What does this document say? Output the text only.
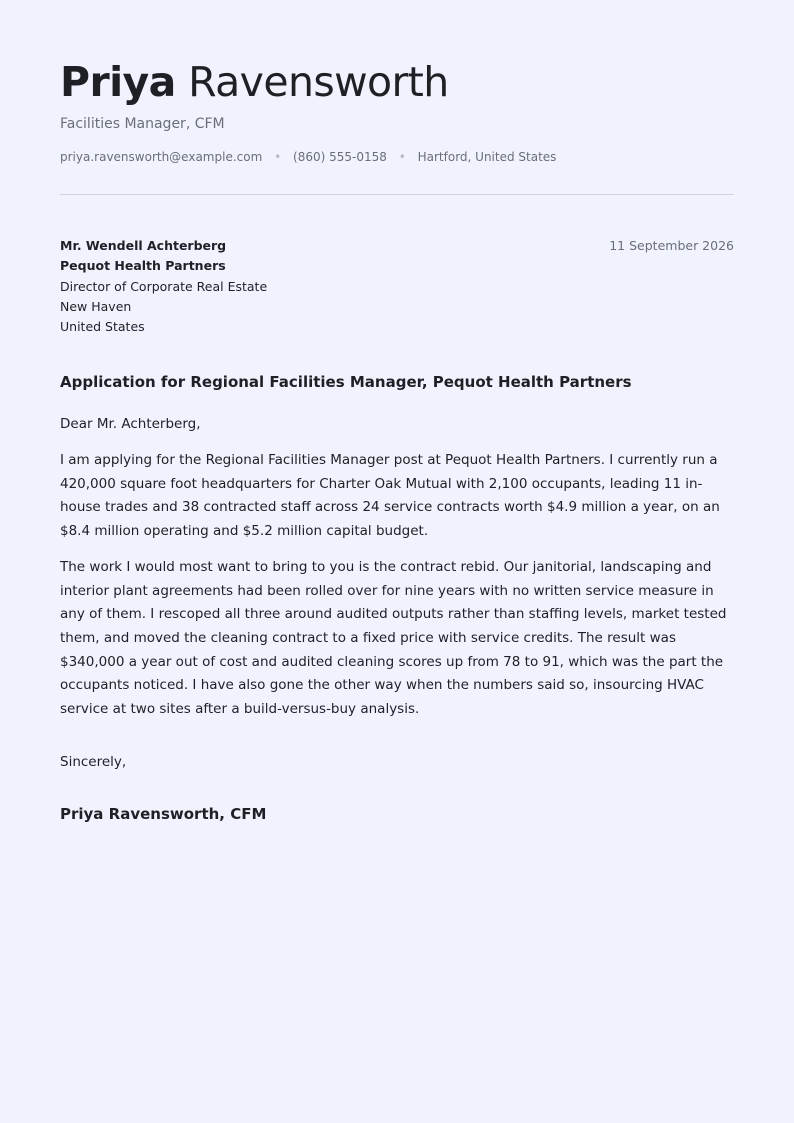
Priya Ravensworth
Facilities Manager, CFM
priya.ravensworth@example.com • (860) 555-0158 • Hartford, United States
Mr. Wendell Achterberg
Pequot Health Partners
Director of Corporate Real Estate
New Haven
United States
11 September 2026
Application for Regional Facilities Manager, Pequot Health Partners
Dear Mr. Achterberg,

I am applying for the Regional Facilities Manager post at Pequot Health Partners. I currently run a 420,000 square foot headquarters for Charter Oak Mutual with 2,100 occupants, leading 11 in-house trades and 38 contracted staff across 24 service contracts worth $4.9 million a year, on an $8.4 million operating and $5.2 million capital budget.

The work I would most want to bring to you is the contract rebid. Our janitorial, landscaping and interior plant agreements had been rolled over for nine years with no written service measure in any of them. I rescoped all three around audited outputs rather than staffing levels, market tested them, and moved the cleaning contract to a fixed price with service credits. The result was $340,000 a year out of cost and audited cleaning scores up from 78 to 91, which was the part the occupants noticed. I have also gone the other way when the numbers said so, insourcing HVAC service at two sites after a build-versus-buy analysis.

Sincerely,
Priya Ravensworth, CFM
